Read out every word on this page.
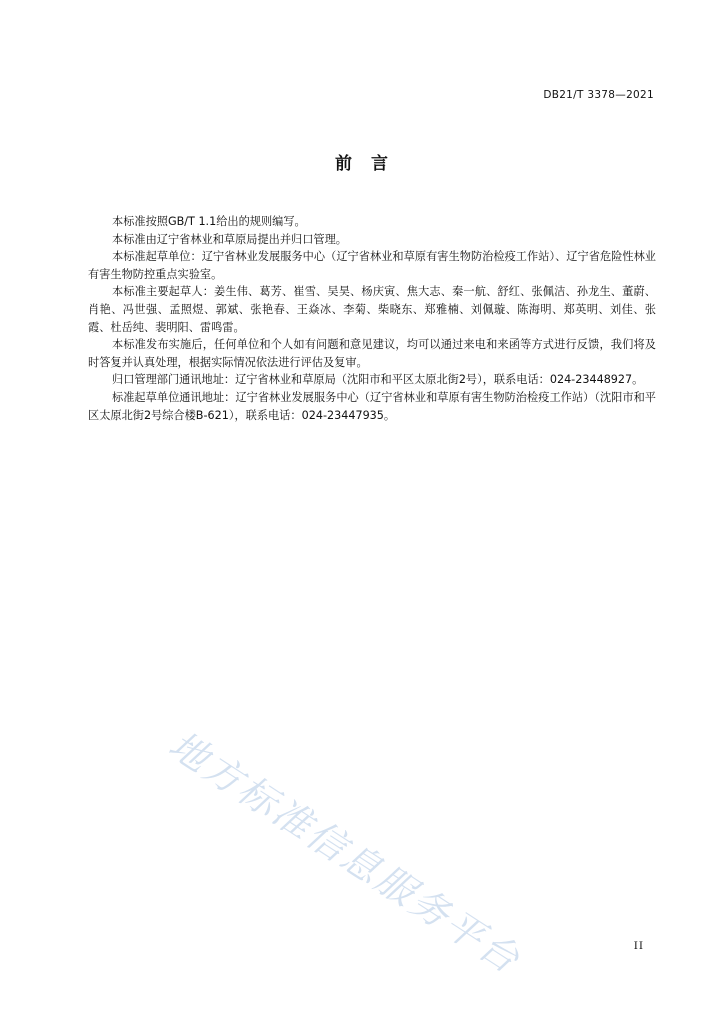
DB21/T 3378—2021
前　言

本标准按照GB/T 1.1给出的规则编写。

本标准由辽宁省林业和草原局提出并归口管理。

本标准起草单位：辽宁省林业发展服务中心（辽宁省林业和草原有害生物防治检疫工作站）、辽宁省危险性林业有害生物防控重点实验室。

本标准主要起草人：姜生伟、葛芳、崔雪、吴昊、杨庆寅、焦大志、秦一航、舒红、张佩洁、孙龙生、董蔚、肖艳、冯世强、孟照煜、郭斌、张艳春、王焱冰、李菊、柴晓东、郑雅楠、刘佩璇、陈海明、郑英明、刘佳、张霞、杜岳纯、裴明阳、雷鸣雷。

本标准发布实施后，任何单位和个人如有问题和意见建议，均可以通过来电和来函等方式进行反馈，我们将及时答复并认真处理，根据实际情况依法进行评估及复审。

归口管理部门通讯地址：辽宁省林业和草原局（沈阳市和平区太原北街2号），联系电话：024-23448927。

标准起草单位通讯地址：辽宁省林业发展服务中心（辽宁省林业和草原有害生物防治检疫工作站）（沈阳市和平区太原北街2号综合楼B-621），联系电话：024-23447935。

地方标准信息服务平台	II
